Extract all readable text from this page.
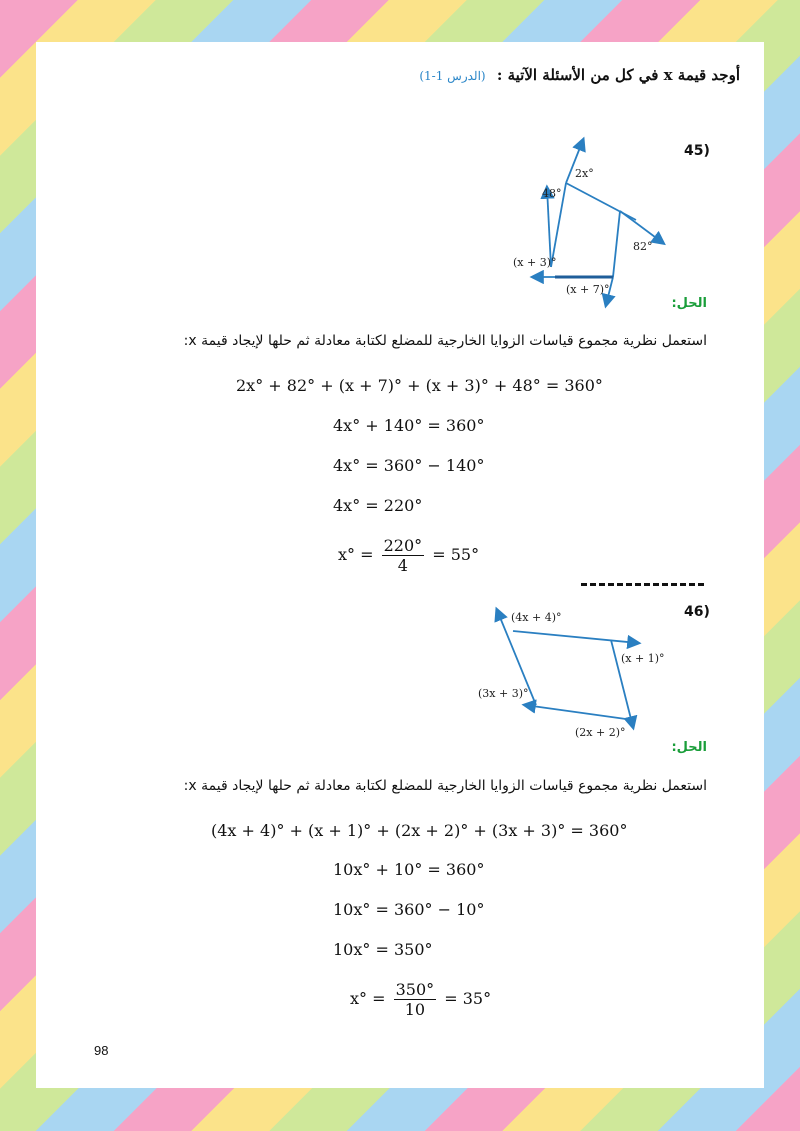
أوجد قيمة x في كل من الأسئلة الآتية : (الدرس 1-1)
45)
2x°
48°
82°
(x + 3)°
(x + 7)°
الحل:
استعمل نظرية مجموع قياسات الزوايا الخارجية للمضلع لكتابة معادلة ثم حلها لإيجاد قيمة x:
2x° + 82° + (x + 7)° + (x + 3)° + 48° = 360°
4x° + 140° = 360°
4x° = 360° − 140°
4x° = 220°
$x^\circ = \frac{220^\circ}{4} = 55^\circ$
46)
(4x + 4)°
(x + 1)°
(3x + 3)°
(2x + 2)°
الحل:
استعمل نظرية مجموع قياسات الزوايا الخارجية للمضلع لكتابة معادلة ثم حلها لإيجاد قيمة x:
(4x + 4)° + (x + 1)° + (2x + 2)° + (3x + 3)° = 360°
10x° + 10° = 360°
10x° = 360° − 10°
10x° = 350°
$x^\circ = \frac{350^\circ}{10} = 35^\circ$
98
